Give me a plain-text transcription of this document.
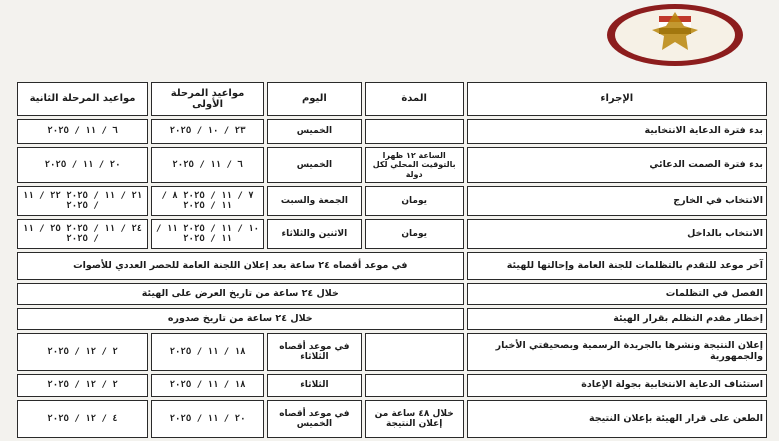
الإجراء	المدة	اليوم	مواعيد المرحلة الأولى	مواعيد المرحلة الثانية
بدء فترة الدعاية الانتخابية		الخميس	٢٣ / ١٠ / ٢٠٢٥	٦ / ١١ / ٢٠٢٥
بدء فترة الصمت الدعائي	الساعة ١٢ ظهرا بالتوقيت المحلي لكل دولة	الخميس	٦ / ١١ / ٢٠٢٥	٢٠ / ١١ / ٢٠٢٥
الانتخاب في الخارج	يومان	الجمعة والسبت	٧ / ١١ / ٢٠٢٥ ٨ / ١١ / ٢٠٢٥	٢١ / ١١ / ٢٠٢٥ ٢٢ / ١١ / ٢٠٢٥
الانتخاب بالداخل	يومان	الاثنين والثلاثاء	١٠ / ١١ / ٢٠٢٥ ١١ / ١١ / ٢٠٢٥	٢٤ / ١١ / ٢٠٢٥ ٢٥ / ١١ / ٢٠٢٥
آخر موعد للتقدم بالتظلمات للجنة العامة وإحالتها للهيئة	في موعد أقصاه ٢٤ ساعة بعد إعلان اللجنة العامة للحصر العددي للأصوات			
الفصل في التظلمات	خلال ٢٤ ساعة من تاريخ العرض على الهيئة			
إخطار مقدم التظلم بقرار الهيئة	خلال ٢٤ ساعة من تاريخ صدوره			
إعلان النتيجة ونشرها بالجريدة الرسمية وبصحيفتي الأخبار والجمهورية		في موعد أقصاه الثلاثاء	١٨ / ١١ / ٢٠٢٥	٢ / ١٢ / ٢٠٢٥
استئناف الدعاية الانتخابية بجولة الإعادة		الثلاثاء	١٨ / ١١ / ٢٠٢٥	٢ / ١٢ / ٢٠٢٥
الطعن على قرار الهيئة بإعلان النتيجة	خلال ٤٨ ساعة من إعلان النتيجة	في موعد أقصاه الخميس	٢٠ / ١١ / ٢٠٢٥	٤ / ١٢ / ٢٠٢٥
